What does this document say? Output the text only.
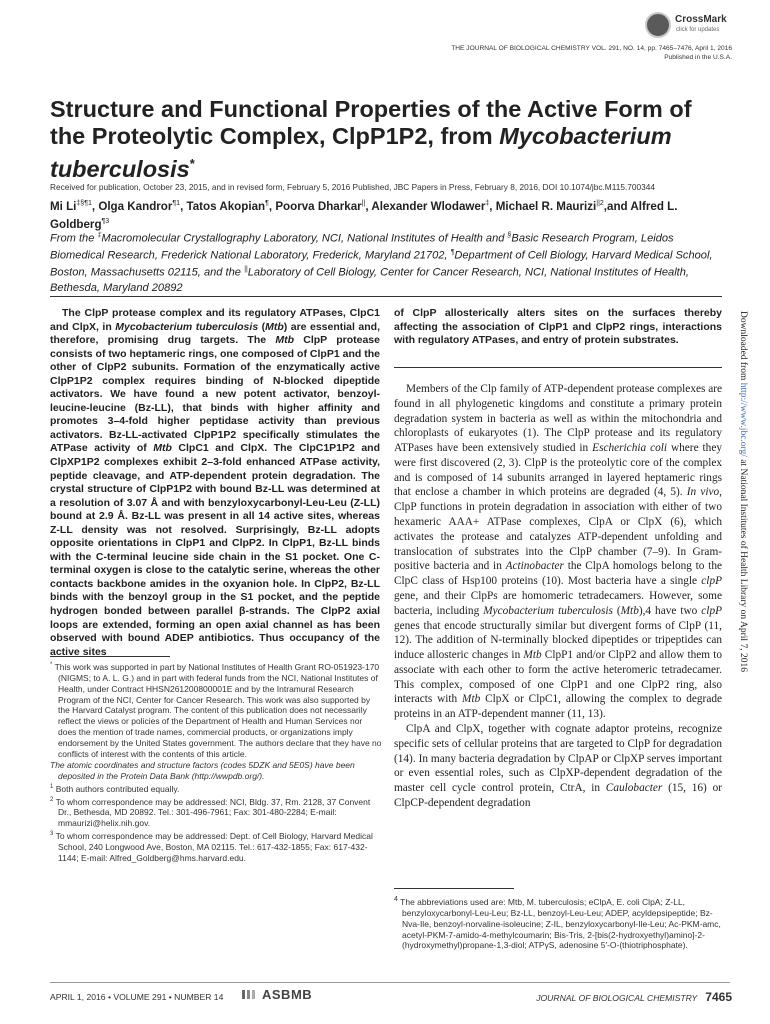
CrossMark
click for updates
THE JOURNAL OF BIOLOGICAL CHEMISTRY VOL. 291, NO. 14, pp. 7465–7476, April 1, 2016
Published in the U.S.A.
Structure and Functional Properties of the Active Form of the Proteolytic Complex, ClpP1P2, from Mycobacterium tuberculosis*
Received for publication, October 23, 2015, and in revised form, February 5, 2016 Published, JBC Papers in Press, February 8, 2016, DOI 10.1074/jbc.M115.700344
Mi Li$^{\ddagger\S\P 1}$, Olga Kandror$^{\P 1}$, Tatos Akopian¶, Poorva Dharkar||, Alexander Wlodawer‡, Michael R. Maurizi$^{||2}$,and Alfred L. Goldberg$^{\P 3}$
From the ‡Macromolecular Crystallography Laboratory, NCI, National Institutes of Health and §Basic Research Program, Leidos Biomedical Research, Frederick National Laboratory, Frederick, Maryland 21702, ¶Department of Cell Biology, Harvard Medical School, Boston, Massachusetts 02115, and the ||Laboratory of Cell Biology, Center for Cancer Research, NCI, National Institutes of Health, Bethesda, Maryland 20892

The ClpP protease complex and its regulatory ATPases, ClpC1 and ClpX, in Mycobacterium tuberculosis (Mtb) are essential and, therefore, promising drug targets. The Mtb ClpP protease consists of two heptameric rings, one composed of ClpP1 and the other of ClpP2 subunits. Formation of the enzymatically active ClpP1P2 complex requires binding of N-blocked dipeptide activators. We have found a new potent activator, benzoyl-leucine-leucine (Bz-LL), that binds with higher affinity and promotes 3–4-fold higher peptidase activity than previous activators. Bz-LL-activated ClpP1P2 specifically stimulates the ATPase activity of Mtb ClpC1 and ClpX. The ClpC1P1P2 and ClpXP1P2 complexes exhibit 2–3-fold enhanced ATPase activity, peptide cleavage, and ATP-dependent protein degradation. The crystal structure of ClpP1P2 with bound Bz-LL was determined at a resolution of 3.07 Å and with benzyloxycarbonyl-Leu-Leu (Z-LL) bound at 2.9 Å. Bz-LL was present in all 14 active sites, whereas Z-LL density was not resolved. Surprisingly, Bz-LL adopts opposite orientations in ClpP1 and ClpP2. In ClpP1, Bz-LL binds with the C-terminal leucine side chain in the S1 pocket. One C-terminal oxygen is close to the catalytic serine, whereas the other contacts backbone amides in the oxyanion hole. In ClpP2, Bz-LL binds with the benzoyl group in the S1 pocket, and the peptide hydrogen bonded between parallel β-strands. The ClpP2 axial loops are extended, forming an open axial channel as has been observed with bound ADEP antibiotics. Thus occupancy of the active sites

of ClpP allosterically alters sites on the surfaces thereby affecting the association of ClpP1 and ClpP2 rings, interactions with regulatory ATPases, and entry of protein substrates.

Members of the Clp family of ATP-dependent protease complexes are found in all phylogenetic kingdoms and constitute a primary protein degradation system in bacteria as well as within the mitochondria and chloroplasts of eukaryotes (1). The ClpP protease and its regulatory ATPases have been extensively studied in Escherichia coli where they were first discovered (2, 3). ClpP is the proteolytic core of the complex and is composed of 14 subunits arranged in layered heptameric rings that enclose a chamber in which proteins are degraded (4, 5). In vivo, ClpP functions in protein degradation in association with either of two hexameric AAA+ ATPase complexes, ClpA or ClpX (6), which activates the protease and catalyzes ATP-dependent unfolding and translocation of substrates into the ClpP chamber (7–9). In Gram-positive bacteria and in Actinobacter the ClpA homologs belong to the ClpC class of Hsp100 proteins (10). Most bacteria have a single clpP gene, and their ClpPs are homomeric tetradecamers. However, some bacteria, including Mycobacterium tuberculosis (Mtb),4 have two clpP genes that encode structurally similar but divergent forms of ClpP (11, 12). The addition of N-terminally blocked dipeptides or tripeptides can induce allosteric changes in Mtb ClpP1 and/or ClpP2 and allow them to associate with each other to form the active heteromeric tetradecamer. This complex, composed of one ClpP1 and one ClpP2 ring, also interacts with Mtb ClpX or ClpC1, allowing the complex to degrade proteins in an ATP-dependent manner (11, 13).

ClpA and ClpX, together with cognate adaptor proteins, recognize specific sets of cellular proteins that are targeted to ClpP for degradation (14). In many bacteria degradation by ClpAP or ClpXP serves important or even essential roles, such as ClpXP-dependent degradation of the master cell cycle control protein, CtrA, in Caulobacter (15, 16) or ClpCP-dependent degradation

* This work was supported in part by National Institutes of Health Grant RO-051923-170 (NIGMS; to A. L. G.) and in part with federal funds from the NCI, National Institutes of Health, under Contract HHSN261200800001E and by the Intramural Research Program of the NCI, Center for Cancer Research. This work was also supported by the Harvard Catalyst program. The content of this publication does not necessarily reflect the views or policies of the Department of Health and Human Services nor does the mention of trade names, commercial products, or organizations imply endorsement by the United States government. The authors declare that they have no conflicts of interest with the contents of this article.

The atomic coordinates and structure factors (codes 5DZK and 5E0S) have been deposited in the Protein Data Bank (http://wwpdb.org/).

$^1$ Both authors contributed equally.

$^2$ To whom correspondence may be addressed: NCI, Bldg. 37, Rm. 2128, 37 Convent Dr., Bethesda, MD 20892. Tel.: 301-496-7961; Fax: 301-480-2284; E-mail: mmaurizi@helix.nih.gov.

$^3$ To whom correspondence may be addressed: Dept. of Cell Biology, Harvard Medical School, 240 Longwood Ave, Boston, MA 02115. Tel.: 617-432-1855; Fax: 617-432-1144; E-mail: Alfred_Goldberg@hms.harvard.edu.

$^4$ The abbreviations used are: Mtb, M. tuberculosis; eClpA, E. coli ClpA; Z-LL, benzyloxycarbonyl-Leu-Leu; Bz-LL, benzoyl-Leu-Leu; ADEP, acyldepsipeptide; Bz-Nva-Ile, benzoyl-norvaline-isoleucine; Z-IL, benzyloxycarbonyl-Ile-Leu; Ac-PKM-amc, acetyl-PKM-7-amido-4-methylcoumarin; Bis-Tris, 2-[bis(2-hydroxyethyl)amino]-2-(hydroxymethyl)propane-1,3-diol; ATPγS, adenosine 5′-O-(thiotriphosphate).

APRIL 1, 2016 • VOLUME 291 • NUMBER 14	ASBMB	JOURNAL OF BIOLOGICAL CHEMISTRY 7465
Downloaded from http://www.jbc.org/ at National Institutes of Health Library on April 7, 2016
